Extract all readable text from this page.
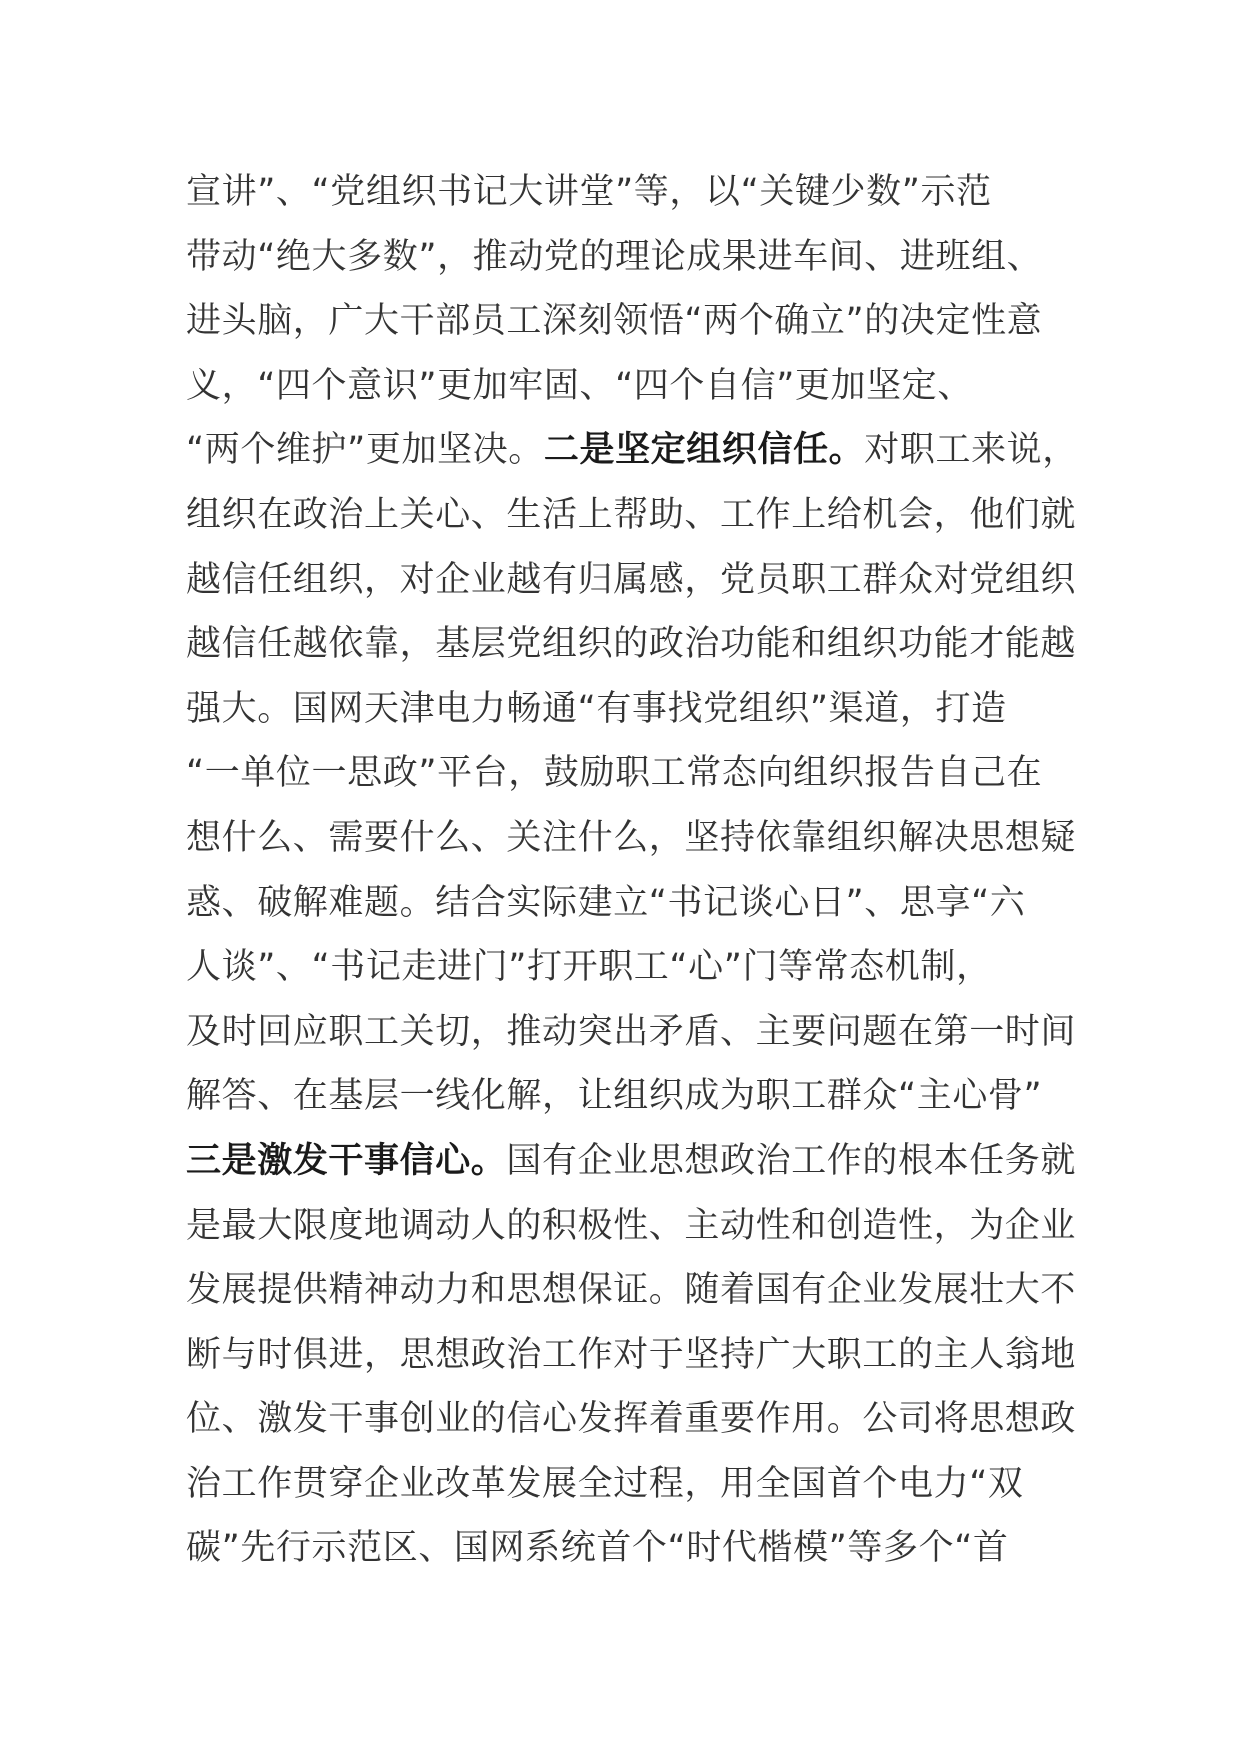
宣讲”、“党组织书记大讲堂”等，以“关键少数”示范
带动“绝大多数”，推动党的理论成果进车间、进班组、
进头脑，广大干部员工深刻领悟“两个确立”的决定性意
义，“四个意识”更加牢固、“四个自信”更加坚定、
“两个维护”更加坚决。二是坚定组织信任。对职工来说，
组织在政治上关心、生活上帮助、工作上给机会，他们就
越信任组织，对企业越有归属感，党员职工群众对党组织
越信任越依靠，基层党组织的政治功能和组织功能才能越
强大。国网天津电力畅通“有事找党组织”渠道，打造
“一单位一思政”平台，鼓励职工常态向组织报告自己在
想什么、需要什么、关注什么，坚持依靠组织解决思想疑
惑、破解难题。结合实际建立“书记谈心日”、思享“六
人谈”、“书记走进门”打开职工“心”门等常态机制，
及时回应职工关切，推动突出矛盾、主要问题在第一时间
解答、在基层一线化解，让组织成为职工群众“主心骨”
三是激发干事信心。国有企业思想政治工作的根本任务就
是最大限度地调动人的积极性、主动性和创造性，为企业
发展提供精神动力和思想保证。随着国有企业发展壮大不
断与时俱进，思想政治工作对于坚持广大职工的主人翁地
位、激发干事创业的信心发挥着重要作用。公司将思想政
治工作贯穿企业改革发展全过程，用全国首个电力“双
碳”先行示范区、国网系统首个“时代楷模”等多个“首
